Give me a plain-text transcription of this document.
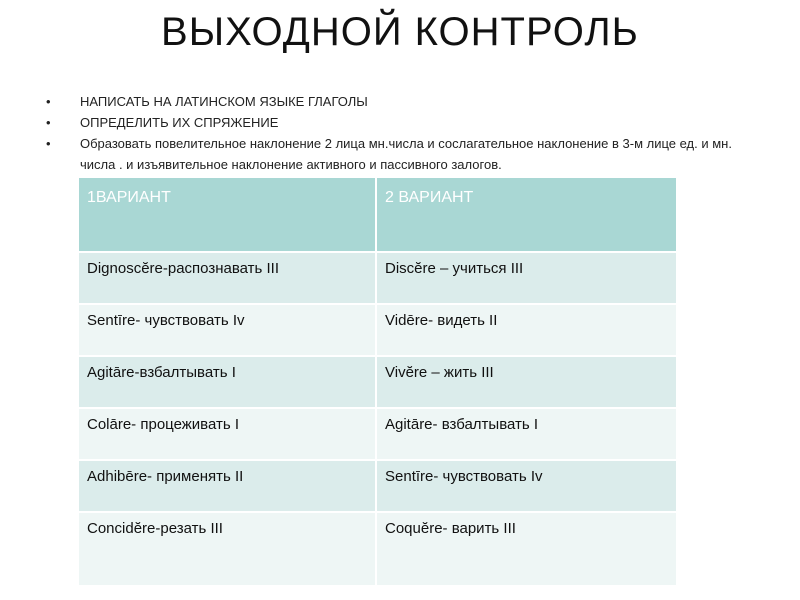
ВЫХОДНОЙ КОНТРОЛЬ
• НАПИСАТЬ НА ЛАТИНСКОМ ЯЗЫКЕ ГЛАГОЛЫ
• ОПРЕДЕЛИТЬ ИХ СПРЯЖЕНИЕ
• Образовать повелительное наклонение 2 лица мн.числа и сослагательное наклонение в 3-м лице ед. и мн. числа . и изъявительное наклонение активного и пассивного залогов.
1ВАРИАНТ	2 ВАРИАНТ
Dignoscĕre-распознавать III	Discĕre – учиться III
Sentīre- чувствовать Iv	Vidēre- видеть II
Agitāre-взбалтывать I	Vivĕre – жить III
Colāre- процеживать I	Agitāre- взбалтывать I
Adhibēre- применять II	Sentīre- чувствовать Iv
Concidĕre-резать III	Coquĕre- варить III
